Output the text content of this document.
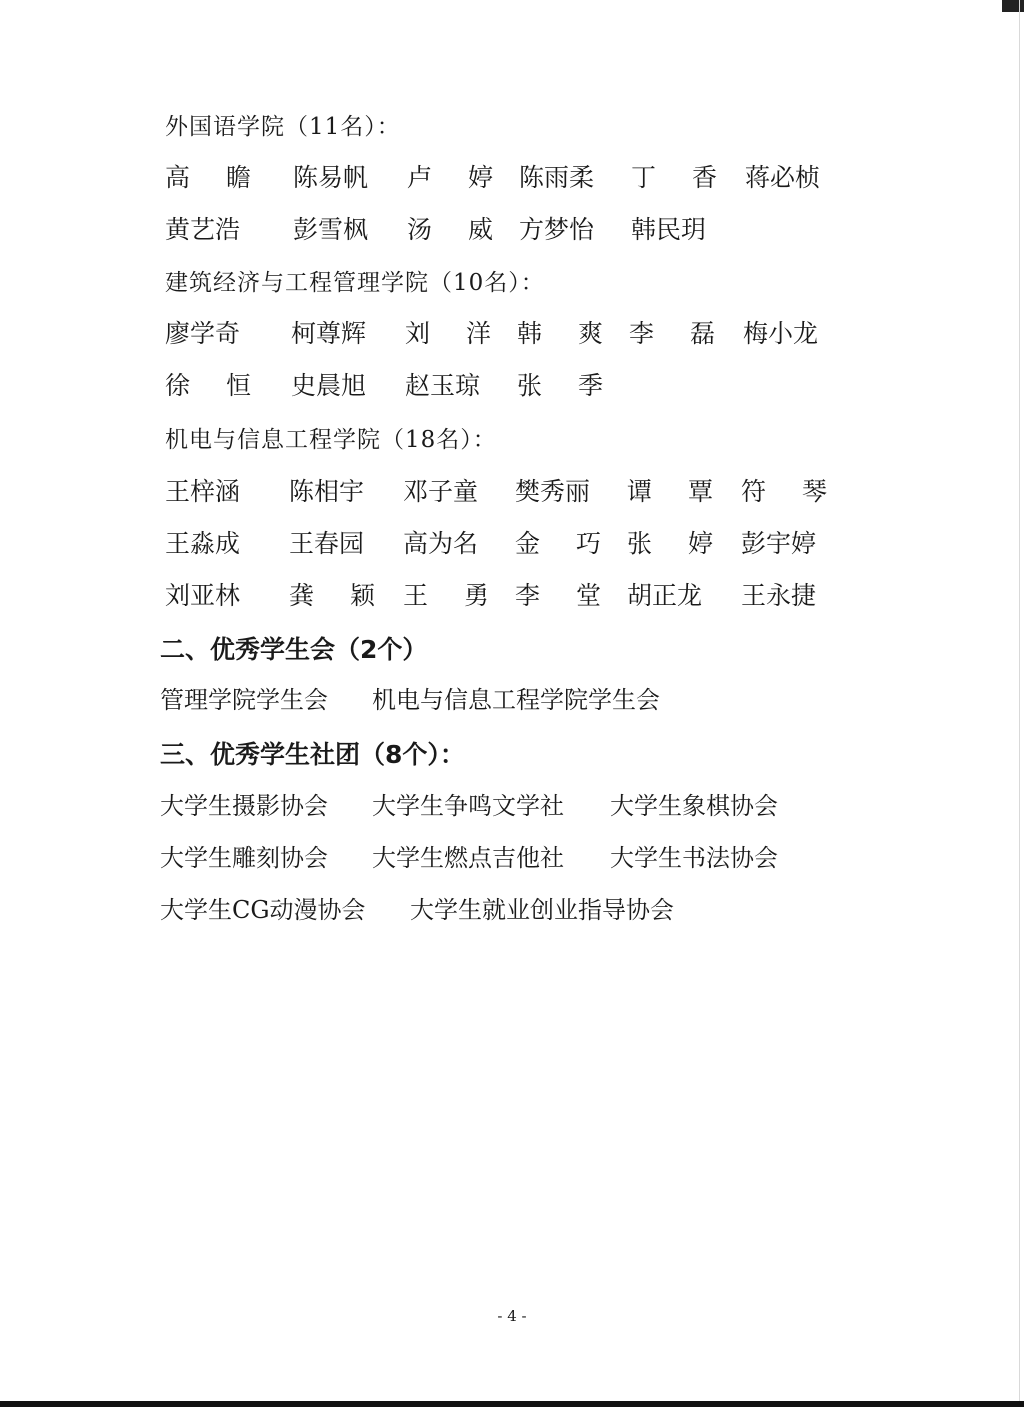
外国语学院（11名）：
高 瞻	陈易帆	卢 婷 陈雨柔	丁 香 蒋必桢
黄艺浩	彭雪枫	汤 威 方梦怡	韩民玥
建筑经济与工程管理学院（10名）：
廖学奇	柯尊辉	刘 洋 韩 爽 李 磊 梅小龙
徐 恒	史晨旭	赵玉琼	张 季
机电与信息工程学院（18名）：
王梓涵	陈相宇	邓子童	樊秀丽	谭 覃 符 琴
王淼成	王春园	高为名	金 巧 张 婷 彭宇婷
刘亚林	龚 颖 王 勇 李 堂 胡正龙	王永捷
二、优秀学生会（2个）
管理学院学生会 机电与信息工程学院学生会
三、优秀学生社团（8个）：
大学生摄影协会 大学生争鸣文学社 大学生象棋协会
大学生雕刻协会 大学生燃点吉他社 大学生书法协会
大学生CG动漫协会 大学生就业创业指导协会
- 4 -
